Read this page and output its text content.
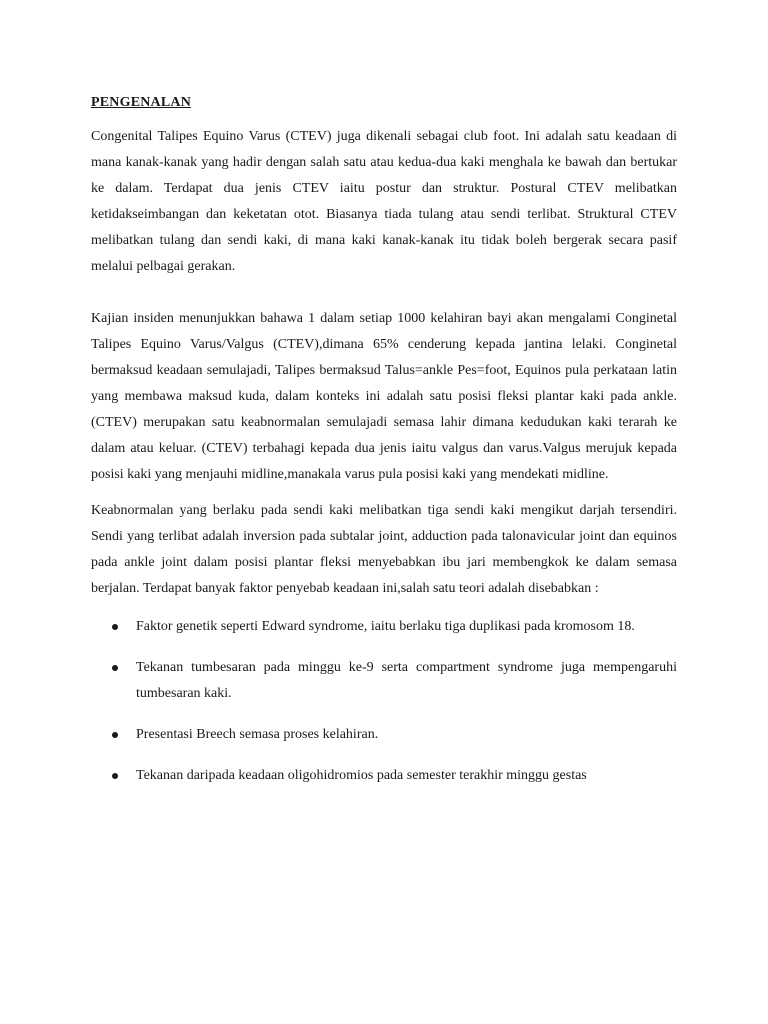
PENGENALAN

Congenital Talipes Equino Varus (CTEV) juga dikenali sebagai club foot. Ini adalah satu keadaan di mana kanak-kanak yang hadir dengan salah satu atau kedua-dua kaki menghala ke bawah dan bertukar ke dalam. Terdapat dua jenis CTEV iaitu postur dan struktur. Postural CTEV melibatkan ketidakseimbangan dan keketatan otot. Biasanya tiada tulang atau sendi terlibat. Struktural CTEV melibatkan tulang dan sendi kaki, di mana kaki kanak-kanak itu tidak boleh bergerak secara pasif melalui pelbagai gerakan.

Kajian insiden menunjukkan bahawa 1 dalam setiap 1000 kelahiran bayi akan mengalami Conginetal Talipes Equino Varus/Valgus (CTEV),dimana 65% cenderung kepada jantina lelaki. Conginetal bermaksud keadaan semulajadi, Talipes bermaksud Talus=ankle Pes=foot, Equinos pula perkataan latin yang membawa maksud kuda, dalam konteks ini adalah satu posisi fleksi plantar kaki pada ankle. (CTEV) merupakan satu keabnormalan semulajadi semasa lahir dimana kedudukan kaki terarah ke dalam atau keluar. (CTEV) terbahagi kepada dua jenis iaitu valgus dan varus.Valgus merujuk kepada posisi kaki yang menjauhi midline,manakala varus pula posisi kaki yang mendekati midline.

Keabnormalan yang berlaku pada sendi kaki melibatkan tiga sendi kaki mengikut darjah tersendiri. Sendi yang terlibat adalah inversion pada subtalar joint, adduction pada talonavicular joint dan equinos pada ankle joint dalam posisi plantar fleksi menyebabkan ibu jari membengkok ke dalam semasa berjalan. Terdapat banyak faktor penyebab keadaan ini,salah satu teori adalah disebabkan :

Faktor genetik seperti Edward syndrome, iaitu berlaku tiga duplikasi pada kromosom 18.
Tekanan tumbesaran pada minggu ke-9 serta compartment syndrome juga mempengaruhi tumbesaran kaki.
Presentasi Breech semasa proses kelahiran.
Tekanan daripada keadaan oligohidromios pada semester terakhir minggu gestas
